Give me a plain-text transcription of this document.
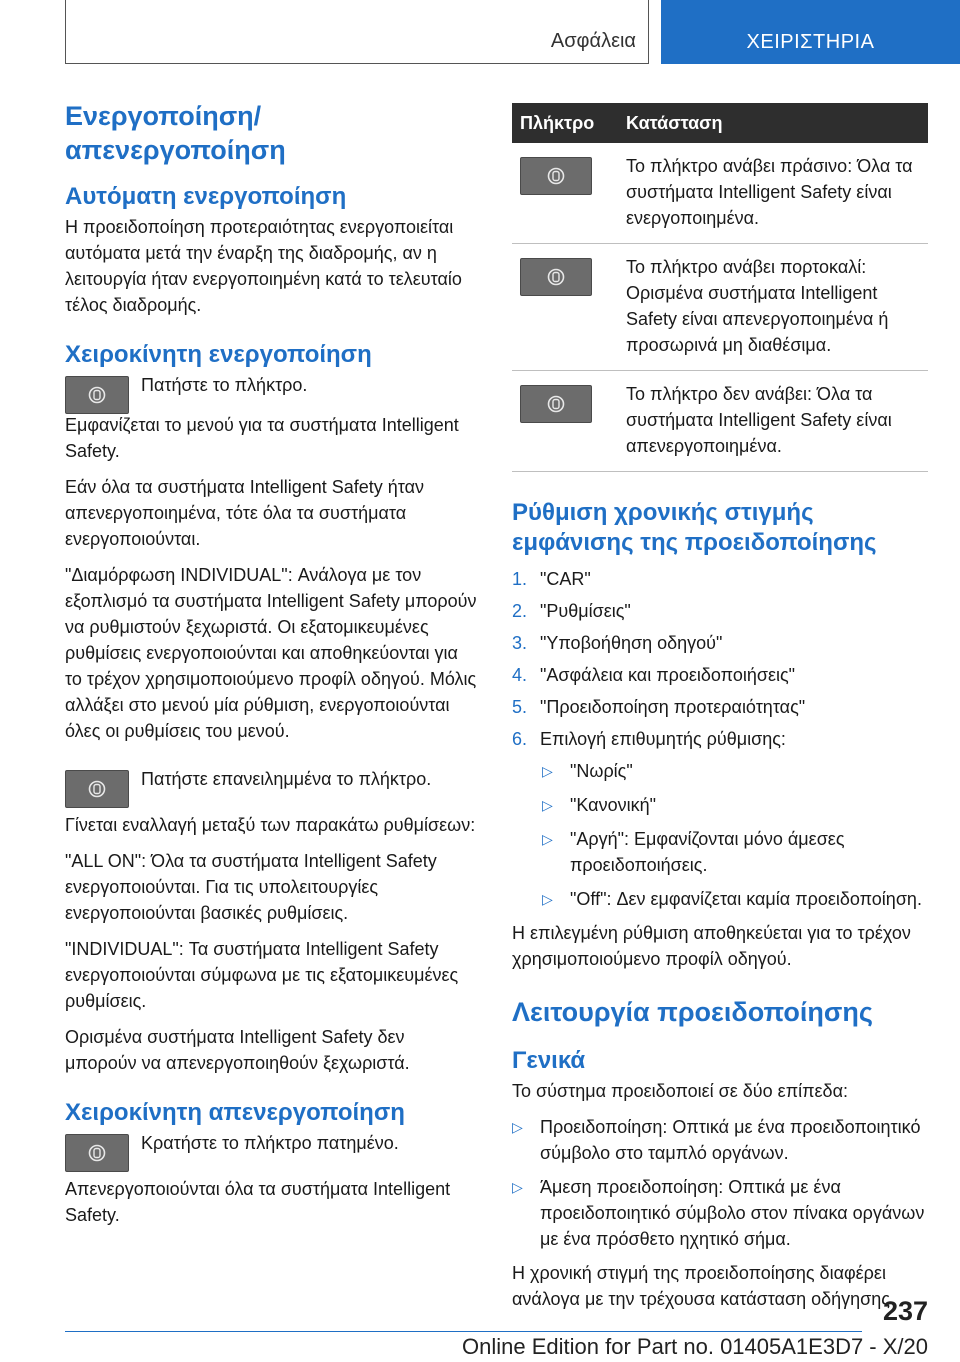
Ασφάλεια	ΧΕΙΡΙΣΤΗΡΙΑ
Ενεργοποίηση/απενεργοποίηση
Αυτόματη ενεργοποίηση

Η προειδοποίηση προτεραιότητας ενεργοποιείται αυτόματα μετά την έναρξη της διαδρομής, αν η λειτουργία ήταν ενεργοποιημένη κατά το τελευταίο τέλος διαδρομής.

Χειροκίνητη ενεργοποίηση

Πατήστε το πλήκτρο.

Εμφανίζεται το μενού για τα συστήματα Intelligent Safety.

Εάν όλα τα συστήματα Intelligent Safety ήταν απενεργοποιημένα, τότε όλα τα συστήματα ενεργοποιούνται.

"Διαμόρφωση INDIVIDUAL": Ανάλογα με τον εξοπλισμό τα συστήματα Intelligent Safety μπορούν να ρυθμιστούν ξεχωριστά. Οι εξατομικευμένες ρυθμίσεις ενεργοποιούνται και αποθηκεύονται για το τρέχον χρησιμοποιούμενο προφίλ οδηγού. Μόλις αλλάξει στο μενού μία ρύθμιση, ενεργοποιούνται όλες οι ρυθμίσεις του μενού.

Πατήστε επανειλημμένα το πλήκτρο.

Γίνεται εναλλαγή μεταξύ των παρακάτω ρυθμίσεων:

"ALL ON": Όλα τα συστήματα Intelligent Safety ενεργοποιούνται. Για τις υπολειτουργίες ενεργοποιούνται βασικές ρυθμίσεις.

"INDIVIDUAL": Τα συστήματα Intelligent Safety ενεργοποιούνται σύμφωνα με τις εξατομικευμένες ρυθμίσεις.

Ορισμένα συστήματα Intelligent Safety δεν μπορούν να απενεργοποιηθούν ξεχωριστά.

Χειροκίνητη απενεργοποίηση

Κρατήστε το πλήκτρο πατημένο.

Απενεργοποιούνται όλα τα συστήματα Intelligent Safety.

Πλήκτρο	Κατάσταση

	Το πλήκτρο ανάβει πράσινο: Όλα τα συστήματα Intelligent Safety είναι ενεργοποιημένα.

	Το πλήκτρο ανάβει πορτοκαλί: Ορισμένα συστήματα Intelligent Safety είναι απενεργοποιημένα ή προσωρινά μη διαθέσιμα.

	Το πλήκτρο δεν ανάβει: Όλα τα συστήματα Intelligent Safety είναι απενεργοποιημένα.
Ρύθμιση χρονικής στιγμής εμφάνισης της προειδοποίησης
1. "CAR"
2. "Ρυθμίσεις"
3. "Υποβοήθηση οδηγού"
4. "Ασφάλεια και προειδοποιήσεις"
5. "Προειδοποίηση προτεραιότητας"
6. Επιλογή επιθυμητής ρύθμισης:
▷ "Νωρίς"
▷ "Κανονική"
▷ "Αργή": Εμφανίζονται μόνο άμεσες προειδοποιήσεις.
▷ "Off": Δεν εμφανίζεται καμία προειδοποίηση.

Η επιλεγμένη ρύθμιση αποθηκεύεται για το τρέχον χρησιμοποιούμενο προφίλ οδηγού.

Λειτουργία προειδοποίησης
Γενικά

Το σύστημα προειδοποιεί σε δύο επίπεδα:

▷ Προειδοποίηση: Οπτικά με ένα προειδοποιητικό σύμβολο στο ταμπλό οργάνων.
▷ Άμεση προειδοποίηση: Οπτικά με ένα προειδοποιητικό σύμβολο στον πίνακα οργάνων με ένα πρόσθετο ηχητικό σήμα.

Η χρονική στιγμή της προειδοποίησης διαφέρει ανάλογα με την τρέχουσα κατάσταση οδήγησης

237
Online Edition for Part no. 01405A1E3D7 - X/20
